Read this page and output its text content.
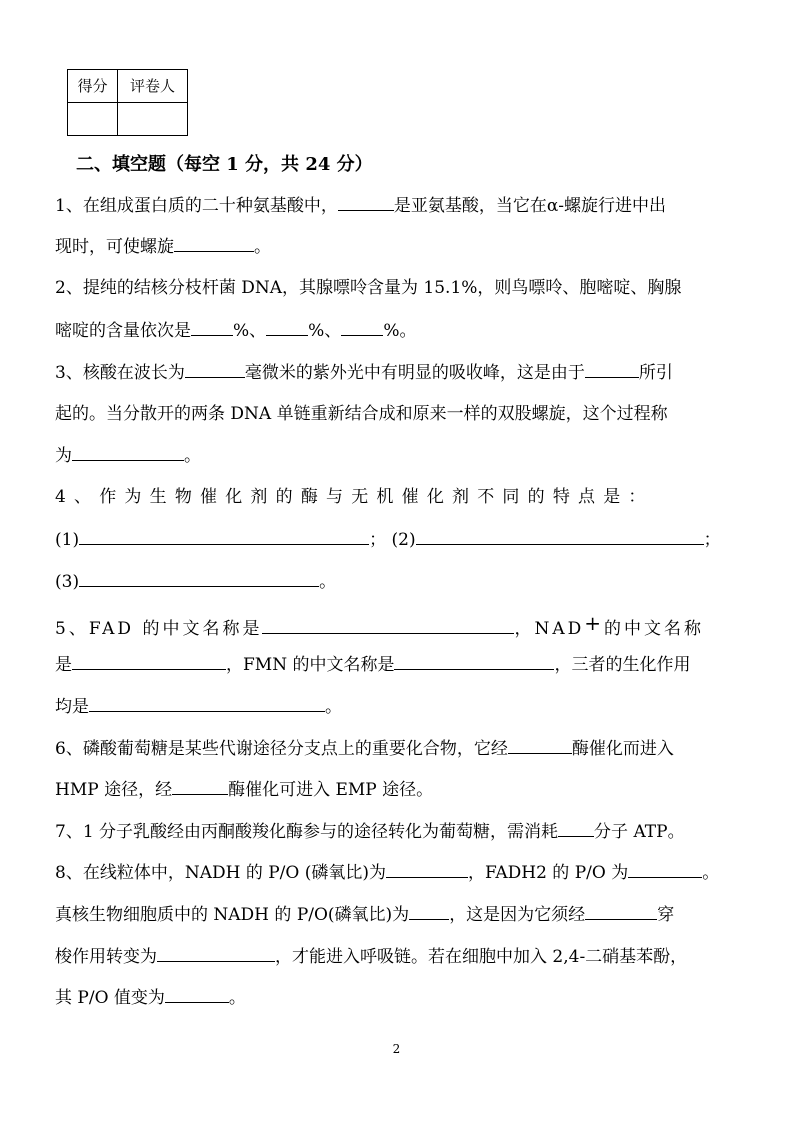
得分	评卷人

二、填空题（每空 1 分，共 24 分）
1、在组成蛋白质的二十种氨基酸中，	是亚氨基酸，当它在α-螺旋行进中出
现时，可使螺旋	。
2、提纯的结核分枝杆菌 DNA，其腺嘌呤含量为 15.1%，则鸟嘌呤、胞嘧啶、胸腺
嘧啶的含量依次是 %、 %、 %。
3、核酸在波长为	毫微米的紫外光中有明显的吸收峰，这是由于	所引
起的。当分散开的两条 DNA 单链重新结合成和原来一样的双股螺旋，这个过程称
为	。
4、作为生物催化剂的酶与无机催化剂不同的特点是：
(1)	； (2)	；
(3)	。
5、FAD 的中文名称是	，NAD+的中文名称
是	，FMN 的中文名称是	，三者的生化作用
均是	。
6、磷酸葡萄糖是某些代谢途径分支点上的重要化合物，它经	酶催化而进入
HMP 途径，经	酶催化可进入 EMP 途径。
7、1 分子乳酸经由丙酮酸羧化酶参与的途径转化为葡萄糖，需消耗 分子 ATP。
8、在线粒体中，NADH 的 P/O (磷氧比)为	，FADH2 的 P/O 为	。
真核生物细胞质中的 NADH 的 P/O(磷氧比)为 ，这是因为它须经	穿
梭作用转变为	，才能进入呼吸链。若在细胞中加入 2,4-二硝基苯酚，
其 P/O 值变为	。
2
